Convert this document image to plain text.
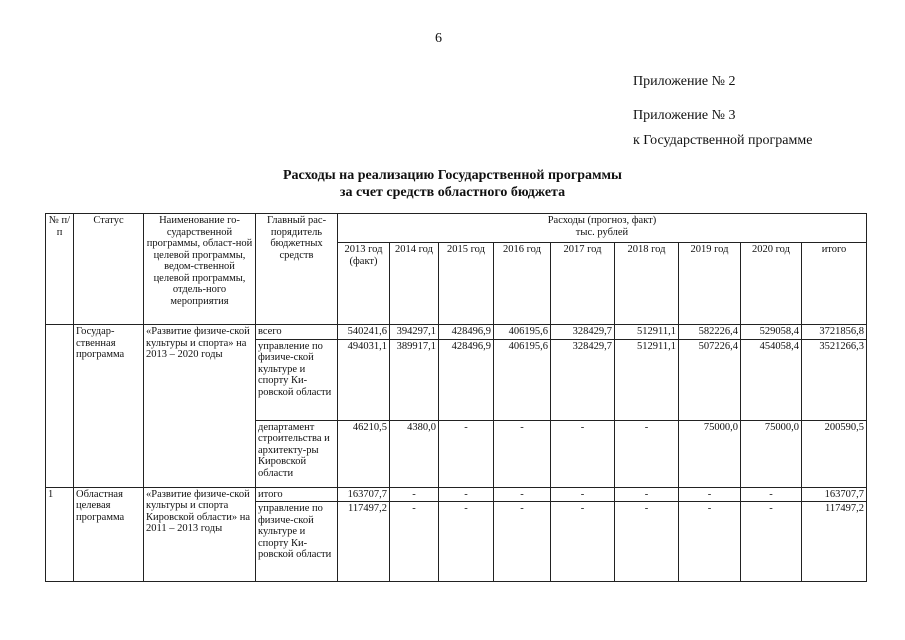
6
Приложение № 2
Приложение № 3
к Государственной программе
Расходы на реализацию Государственной программы
за счет средств областного бюджета
№ п/п	Статус	Наименование го-сударственной программы, област-ной целевой программы, ведом-ственной целевой программы, отдель-ного мероприятия	Главный рас-порядитель бюджетных средств	Расходы (прогноз, факт)
тыс. рублей								

				2013 год (факт)	2014 год	2015 год	2016 год	2017 год	2018 год	2019 год	2020 год	итого
	Государ-ственная программа	«Развитие физиче-ской культуры и спорта» на 2013 – 2020 годы	всего	540241,6	394297,1	428496,9	406195,6	328429,7	512911,1	582226,4	529058,4	3721856,8
			управление по физиче-ской культуре и спорту Ки-ровской области	494031,1	389917,1	428496,9	406195,6	328429,7	512911,1	507226,4	454058,4	3521266,3
			департамент строительства и архитекту-ры Кировской области	46210,5	4380,0	-	-	-	-	75000,0	75000,0	200590,5
1	Областная целевая программа	«Развитие физиче-ской культуры и спорта Кировской области» на 2011 – 2013 годы	итого	163707,7	-	-	-	-	-	-	-	163707,7
			управление по физиче-ской культуре и спорту Ки-ровской области	117497,2	-	-	-	-	-	-	-	117497,2
